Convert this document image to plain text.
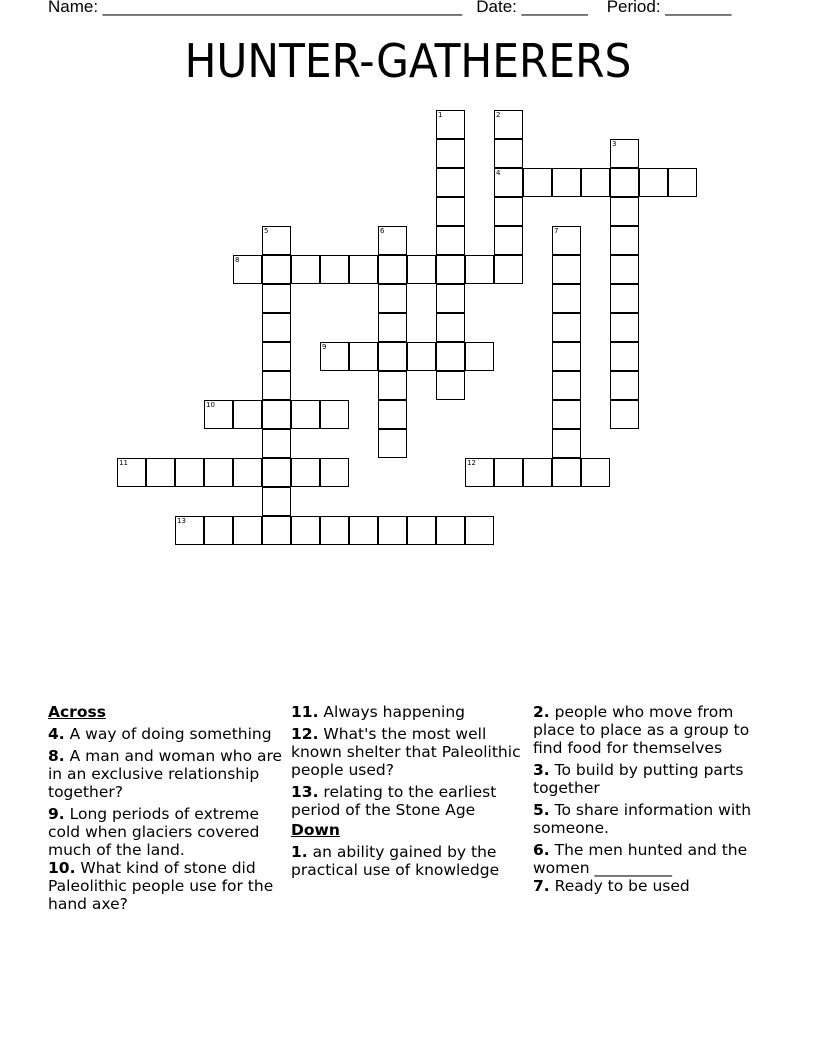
Name: ______________________________________ Date: _______ Period: _______
HUNTER-GATHERERS
1	2
4
3
5	6	7
8
9
10
11	12
13
Across
4. A way of doing something
8. A man and woman who are in an exclusive relationship together?
9. Long periods of extreme cold when glaciers covered much of the land.
10. What kind of stone did Paleolithic people use for the hand axe?
11. Always happening
12. What's the most well known shelter that Paleolithic people used?
13. relating to the earliest period of the Stone Age
Down
1. an ability gained by the practical use of knowledge
2. people who move from place to place as a group to find food for themselves
3. To build by putting parts together
5. To share information with someone.
6. The men hunted and the women __________
7. Ready to be used
